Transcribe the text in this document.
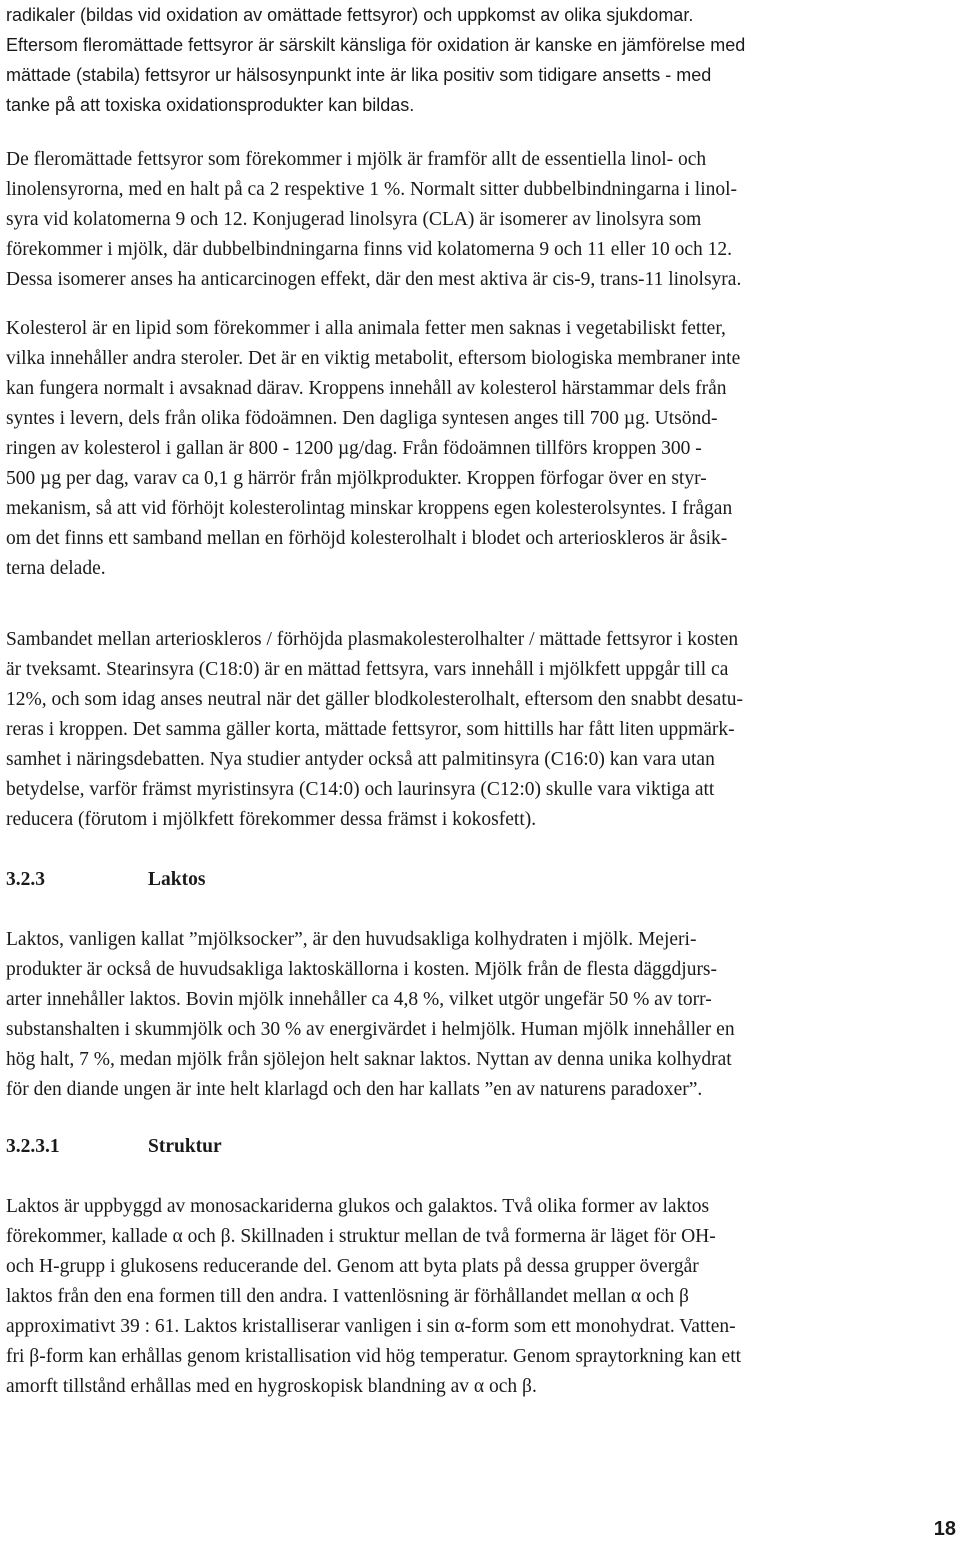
radikaler (bildas vid oxidation av omättade fettsyror) och uppkomst av olika sjukdomar.
Eftersom fleromättade fettsyror är särskilt känsliga för oxidation är kanske en jämförelse med
mättade (stabila) fettsyror ur hälsosynpunkt inte är lika positiv som tidigare ansetts - med
tanke på att toxiska oxidationsprodukter kan bildas.
De fleromättade fettsyror som förekommer i mjölk är framför allt de essentiella linol- och
linolensyrorna, med en halt på ca 2 respektive 1 %. Normalt sitter dubbelbindningarna i linol-
syra vid kolatomerna 9 och 12. Konjugerad linolsyra (CLA) är isomerer av linolsyra som
förekommer i mjölk, där dubbelbindningarna finns vid kolatomerna 9 och 11 eller 10 och 12.
Dessa isomerer anses ha anticarcinogen effekt, där den mest aktiva är cis-9, trans-11 linolsyra.
Kolesterol är en lipid som förekommer i alla animala fetter men saknas i vegetabiliskt fetter,
vilka innehåller andra steroler. Det är en viktig metabolit, eftersom biologiska membraner inte
kan fungera normalt i avsaknad därav. Kroppens innehåll av kolesterol härstammar dels från
syntes i levern, dels från olika födoämnen. Den dagliga syntesen anges till 700 µg. Utsönd-
ringen av kolesterol i gallan är 800 - 1200 µg/dag. Från födoämnen tillförs kroppen 300 -
500 µg per dag, varav ca 0,1 g härrör från mjölkprodukter. Kroppen förfogar över en styr-
mekanism, så att vid förhöjt kolesterolintag minskar kroppens egen kolesterolsyntes. I frågan
om det finns ett samband mellan en förhöjd kolesterolhalt i blodet och arterioskleros är åsik-
terna delade.
Sambandet mellan arterioskleros / förhöjda plasmakolesterolhalter / mättade fettsyror i kosten
är tveksamt. Stearinsyra (C18:0) är en mättad fettsyra, vars innehåll i mjölkfett uppgår till ca
12%, och som idag anses neutral när det gäller blodkolesterolhalt, eftersom den snabbt desatu-
reras i kroppen. Det samma gäller korta, mättade fettsyror, som hittills har fått liten uppmärk-
samhet i näringsdebatten. Nya studier antyder också att palmitinsyra (C16:0) kan vara utan
betydelse, varför främst myristinsyra (C14:0) och laurinsyra (C12:0) skulle vara viktiga att
reducera (förutom i mjölkfett förekommer dessa främst i kokosfett).
3.2.3	Laktos
Laktos, vanligen kallat ”mjölksocker”, är den huvudsakliga kolhydraten i mjölk. Mejeri-
produkter är också de huvudsakliga laktoskällorna i kosten. Mjölk från de flesta däggdjurs-
arter innehåller laktos. Bovin mjölk innehåller ca 4,8 %, vilket utgör ungefär 50 % av torr-
substanshalten i skummjölk och 30 % av energivärdet i helmjölk. Human mjölk innehåller en
hög halt, 7 %, medan mjölk från sjölejon helt saknar laktos. Nyttan av denna unika kolhydrat
för den diande ungen är inte helt klarlagd och den har kallats ”en av naturens paradoxer”.
3.2.3.1	Struktur
Laktos är uppbyggd av monosackariderna glukos och galaktos. Två olika former av laktos
förekommer, kallade α och β. Skillnaden i struktur mellan de två formerna är läget för OH-
och H-grupp i glukosens reducerande del. Genom att byta plats på dessa grupper övergår
laktos från den ena formen till den andra. I vattenlösning är förhållandet mellan α och β
approximativt 39 : 61. Laktos kristalliserar vanligen i sin α-form som ett monohydrat. Vatten-
fri β-form kan erhållas genom kristallisation vid hög temperatur. Genom spraytorkning kan ett
amorft tillstånd erhållas med en hygroskopisk blandning av α och β.
18
